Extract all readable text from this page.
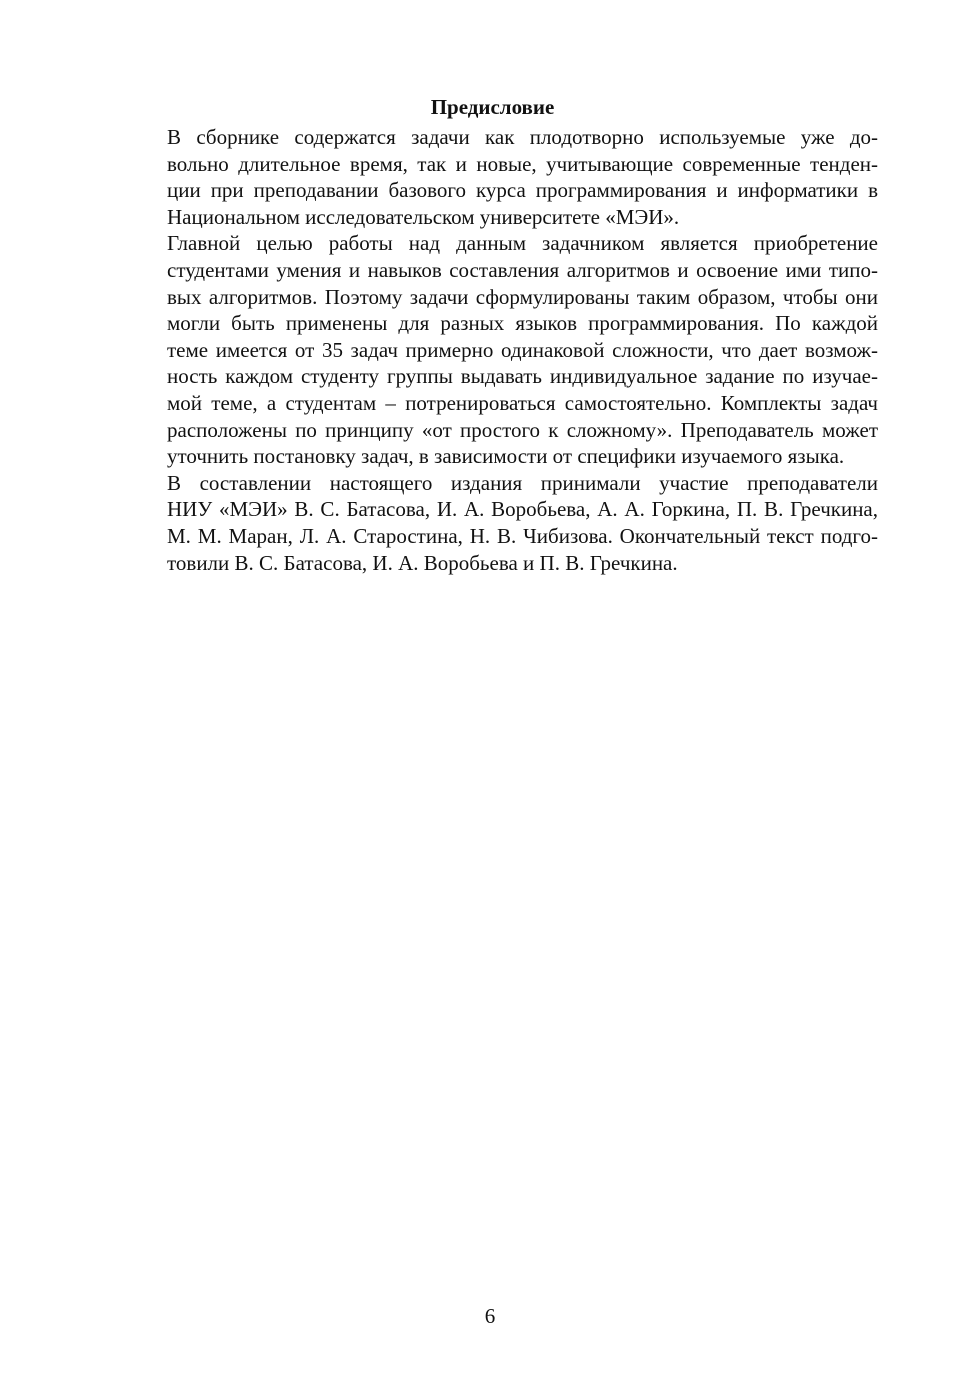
Предисловие

В сборнике содержатся задачи как плодотворно используемые уже до-
вольно длительное время, так и новые, учитывающие современные тенден-
ции при преподавании базового курса программирования и информатики в
Национальном исследовательском университете «МЭИ».

Главной целью работы над данным задачником является приобретение
студентами умения и навыков составления алгоритмов и освоение ими типо-
вых алгоритмов. Поэтому задачи сформулированы таким образом, чтобы они
могли быть применены для разных языков программирования. По каждой
теме имеется от 35 задач примерно одинаковой сложности, что дает возмож-
ность каждом студенту группы выдавать индивидуальное задание по изучае-
мой теме, а студентам – потренироваться самостоятельно. Комплекты задач
расположены по принципу «от простого к сложному». Преподаватель может
уточнить постановку задач, в зависимости от специфики изучаемого языка.

В составлении настоящего издания принимали участие преподаватели
НИУ «МЭИ» В. С. Батасова, И. А. Воробьева, А. А. Горкина, П. В. Гречкина,
М. М. Маран, Л. А. Старостина, Н. В. Чибизова. Окончательный текст подго-
товили В. С. Батасова, И. А. Воробьева и П. В. Гречкина.

6
